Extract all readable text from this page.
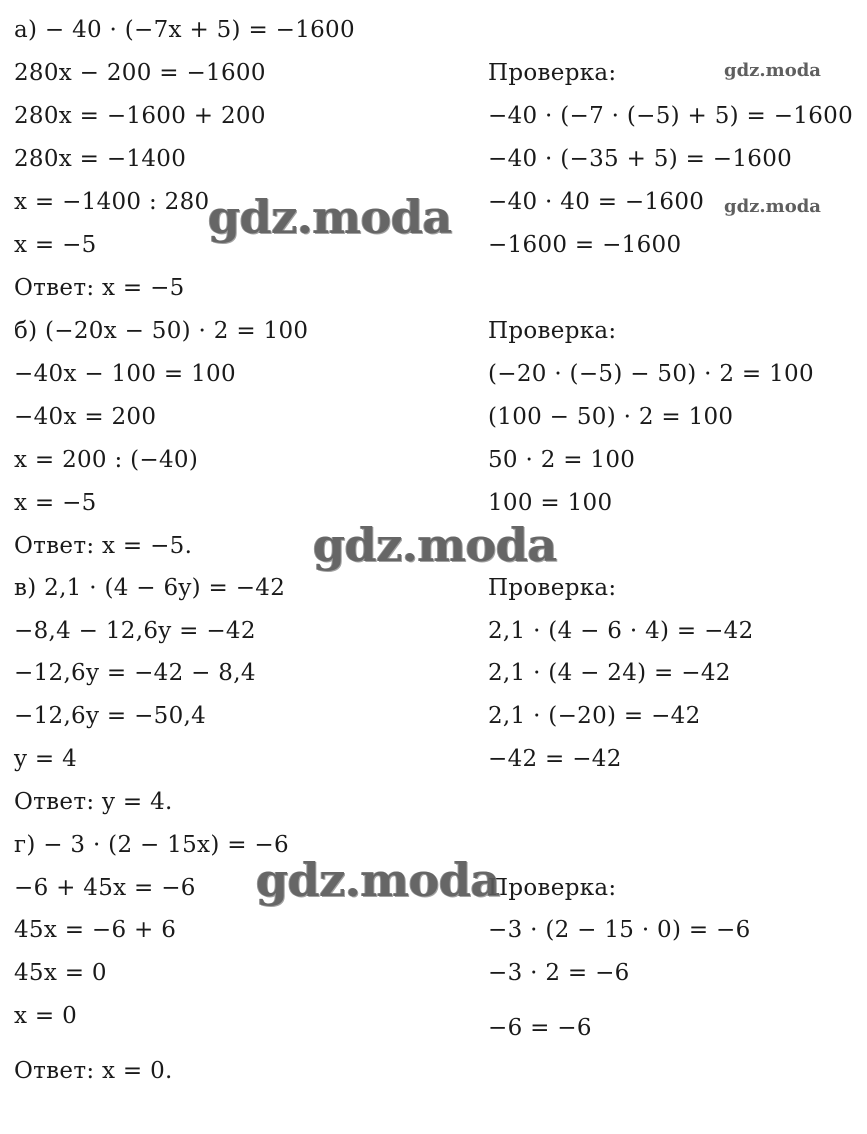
а) − 40 · (−7x + 5) = −1600
280x − 200 = −1600
280x = −1600 + 200
280x = −1400
x = −1400 : 280
x = −5
Ответ: x = −5
б) (−20x − 50) · 2 = 100
−40x − 100 = 100
−40x = 200
x = 200 : (−40)
x = −5
Ответ: x = −5.
в) 2,1 · (4 − 6y) = −42
−8,4 − 12,6y = −42
−12,6y = −42 − 8,4
−12,6y = −50,4
y = 4
Ответ: y = 4.
г) − 3 · (2 − 15x) = −6
−6 + 45x = −6
45x = −6 + 6
45x = 0
x = 0
Ответ: x = 0.
Проверка:
−40 · (−7 · (−5) + 5) = −1600
−40 · (−35 + 5) = −1600
−40 · 40 = −1600
−1600 = −1600
Проверка:
(−20 · (−5) − 50) · 2 = 100
(100 − 50) · 2 = 100
50 · 2 = 100
100 = 100
Проверка:
2,1 · (4 − 6 · 4) = −42
2,1 · (4 − 24) = −42
2,1 · (−20) = −42
−42 = −42
Проверка:
−3 · (2 − 15 · 0) = −6
−3 · 2 = −6
−6 = −6
gdz.moda
gdz.moda
gdz.moda
gdz.moda
gdz.moda
